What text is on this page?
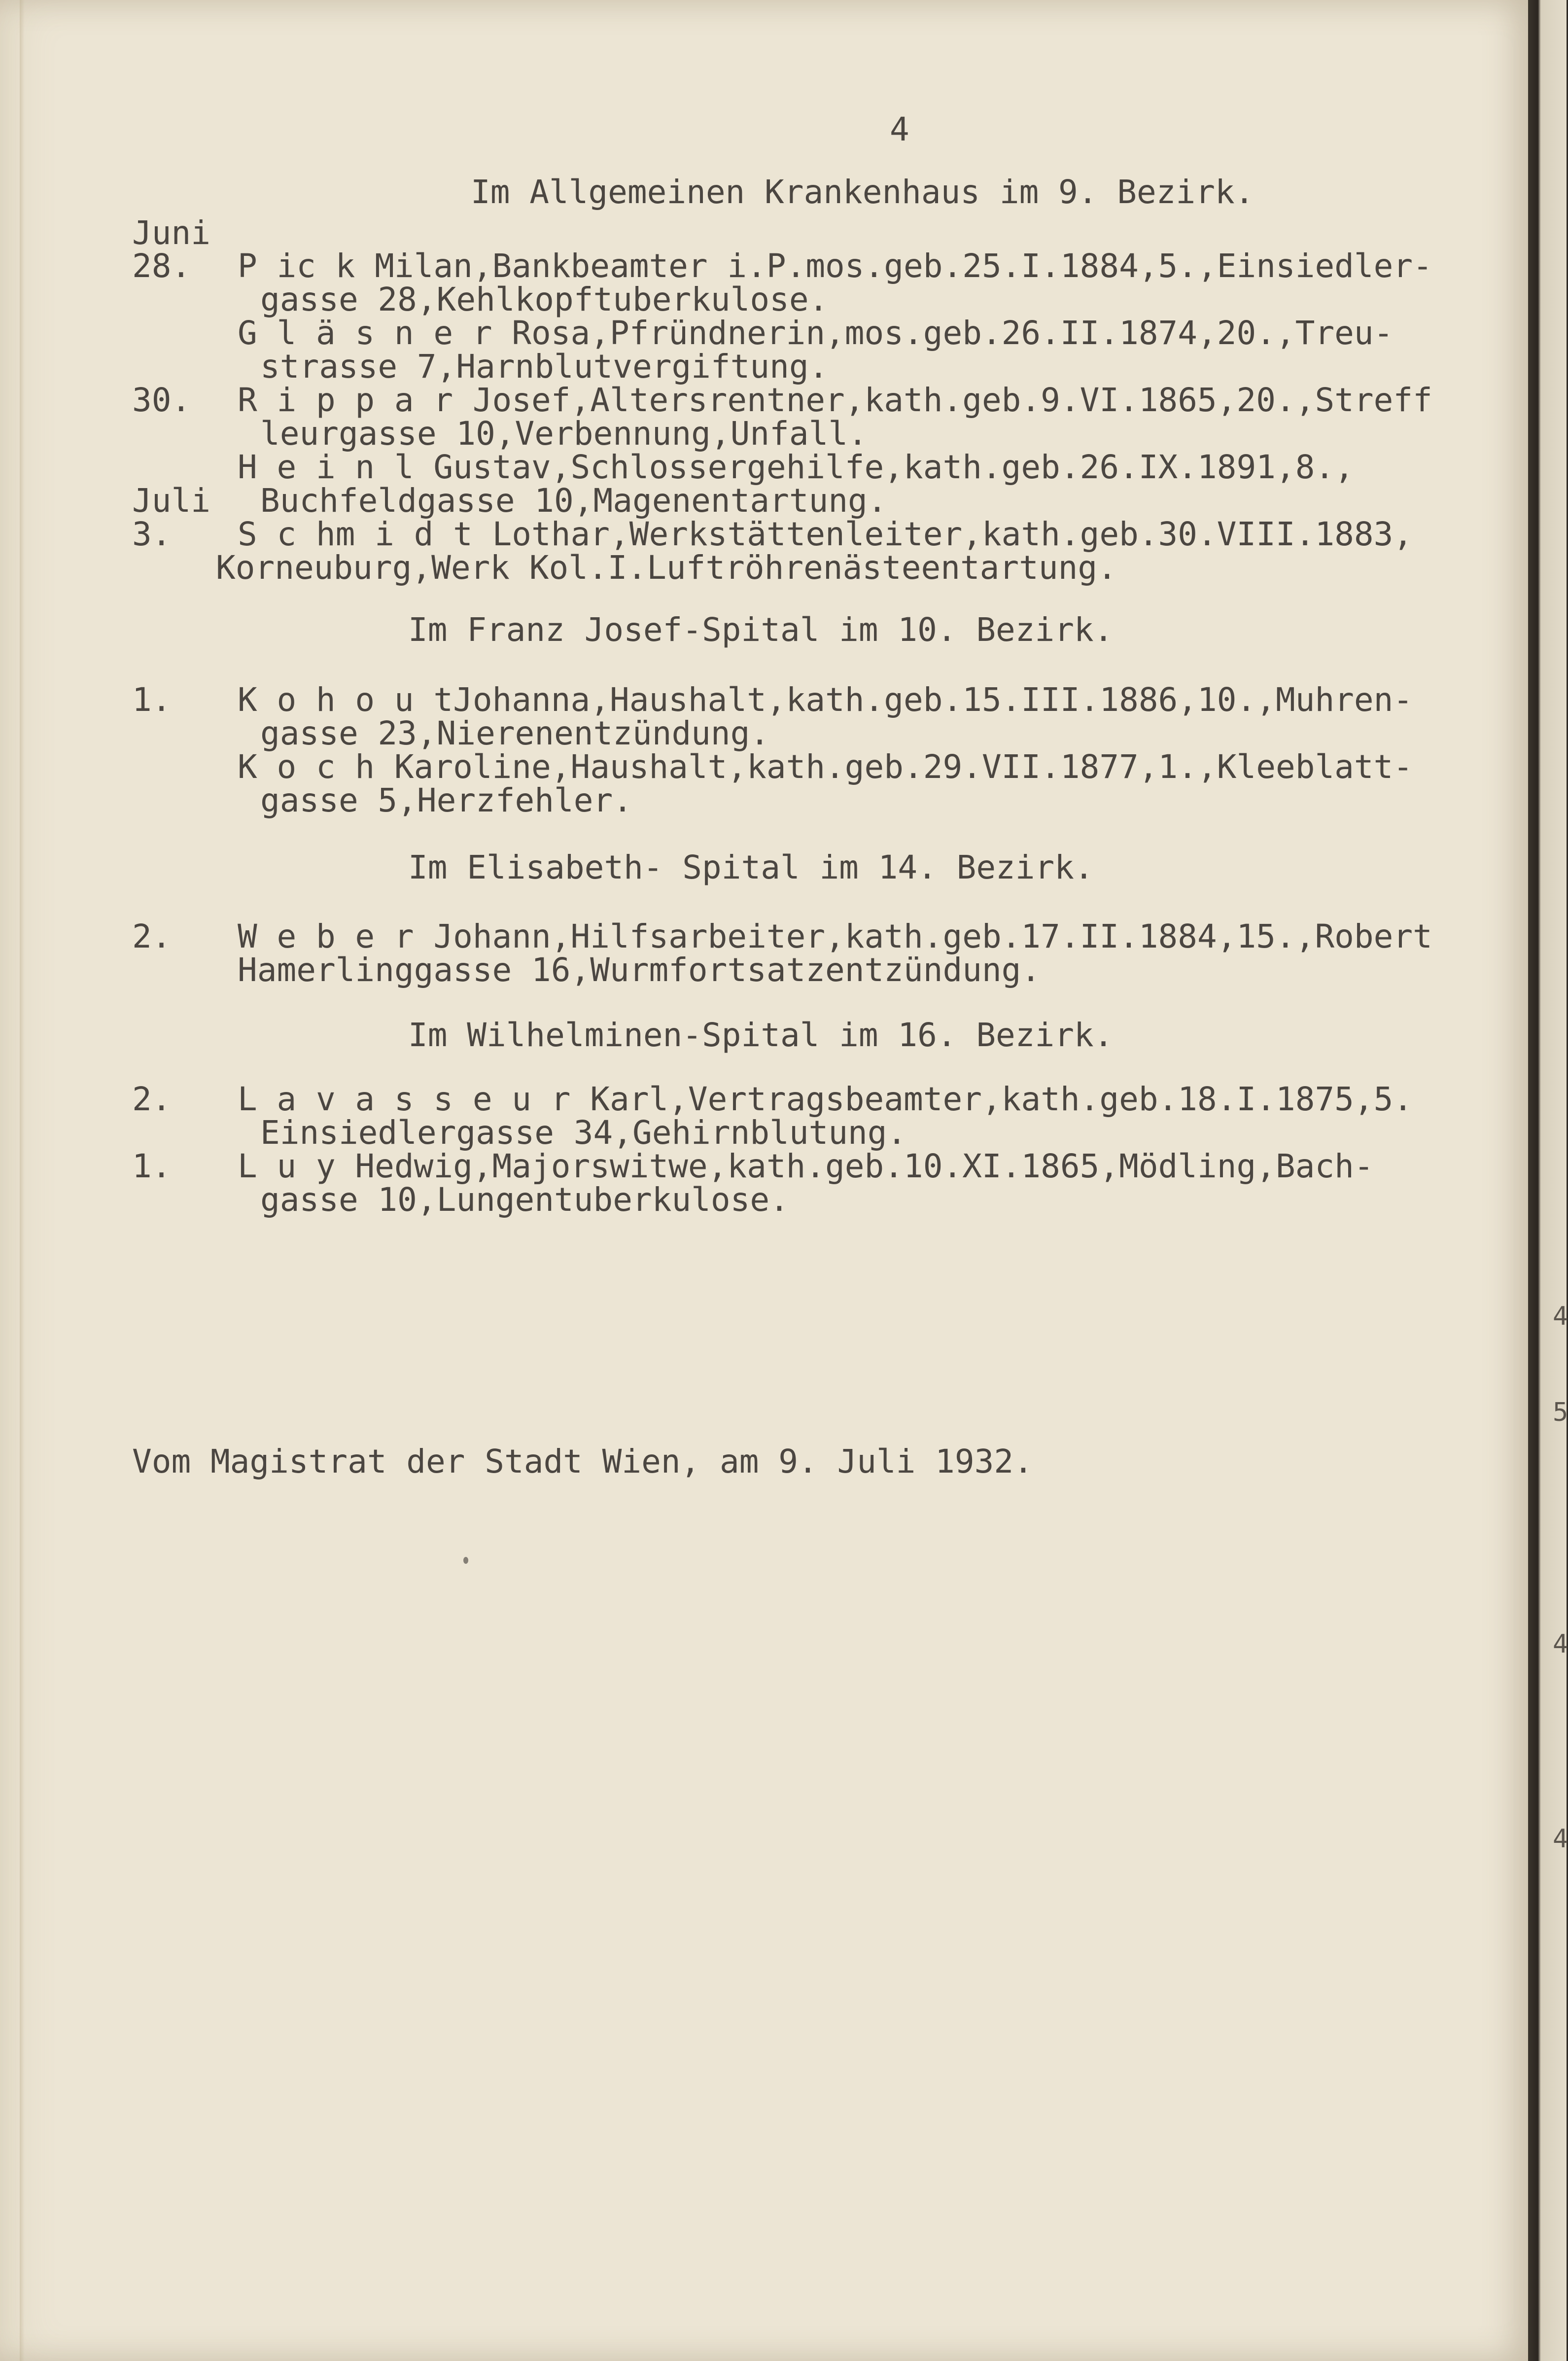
4
Im Allgemeinen Krankenhaus im 9. Bezirk.
Juni
28. P ic k Milan,Bankbeamter i.P.mos.geb.25.I.1884,5.,Einsiedler-
gasse 28,Kehlkopftuberkulose.
G l ä s n e r Rosa,Pfründnerin,mos.geb.26.II.1874,20.,Treu-
strasse 7,Harnblutvergiftung.
30. R i p p a r Josef,Altersrentner,kath.geb.9.VI.1865,20.,Streff
leurgasse 10,Verbennung,Unfall.
H e i n l Gustav,Schlossergehilfe,kath.geb.26.IX.1891,8.,
Juli Buchfeldgasse 10,Magenentartung.
3. S c hm i d t Lothar,Werkstättenleiter,kath.geb.30.VIII.1883,
Korneuburg,Werk Kol.I.Luftröhrenästeentartung.
Im Franz Josef-Spital im 10. Bezirk.
1. K o h o u tJohanna,Haushalt,kath.geb.15.III.1886,10.,Muhren-
gasse 23,Nierenentzündung.
K o c h Karoline,Haushalt,kath.geb.29.VII.1877,1.,Kleeblatt-
gasse 5,Herzfehler.
Im Elisabeth- Spital im 14. Bezirk.
2. W e b e r Johann,Hilfsarbeiter,kath.geb.17.II.1884,15.,Robert
Hamerlinggasse 16,Wurmfortsatzentzündung.
Im Wilhelminen-Spital im 16. Bezirk.
2. L a v a s s e u r Karl,Vertragsbeamter,kath.geb.18.I.1875,5.
Einsiedlergasse 34,Gehirnblutung.
1. L u y Hedwig,Majorswitwe,kath.geb.10.XI.1865,Mödling,Bach-
gasse 10,Lungentuberkulose.
Vom Magistrat der Stadt Wien, am 9. Juli 1932.
4
5
4
4
